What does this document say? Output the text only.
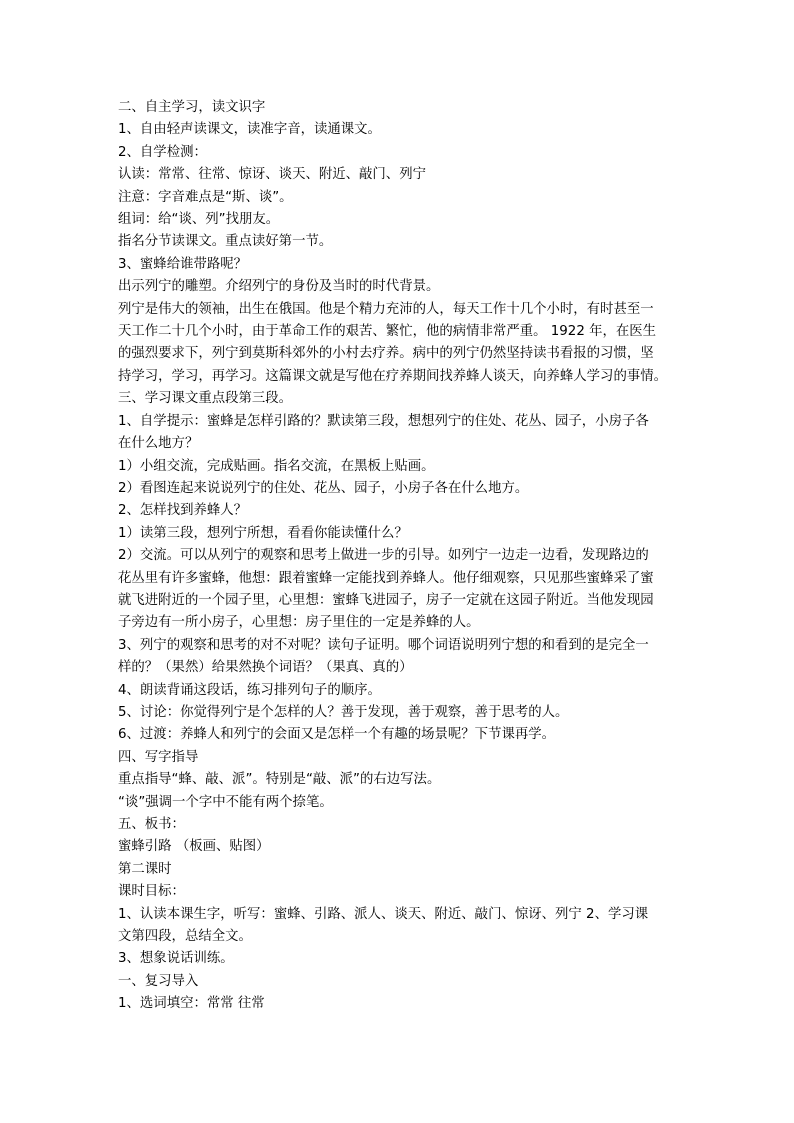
二、自主学习，读文识字
1、自由轻声读课文，读准字音，读通课文。
2、自学检测：
认读：常常、往常、惊讶、谈天、附近、敲门、列宁
注意：字音难点是“斯、谈”。
组词：给“谈、列”找朋友。
指名分节读课文。重点读好第一节。
3、蜜蜂给谁带路呢？
出示列宁的雕塑。介绍列宁的身份及当时的时代背景。
列宁是伟大的领袖，出生在俄国。他是个精力充沛的人，每天工作十几个小时，有时甚至一
天工作二十几个小时，由于革命工作的艰苦、繁忙，他的病情非常严重。 1922 年，在医生
的强烈要求下，列宁到莫斯科郊外的小村去疗养。病中的列宁仍然坚持读书看报的习惯，坚
持学习，学习，再学习。这篇课文就是写他在疗养期间找养蜂人谈天，向养蜂人学习的事情。
三、学习课文重点段第三段。
1、自学提示：蜜蜂是怎样引路的？默读第三段，想想列宁的住处、花丛、园子，小房子各
在什么地方？
1）小组交流，完成贴画。指名交流，在黑板上贴画。
2）看图连起来说说列宁的住处、花丛、园子，小房子各在什么地方。
2、怎样找到养蜂人？
1）读第三段，想列宁所想，看看你能读懂什么？
2）交流。可以从列宁的观察和思考上做进一步的引导。如列宁一边走一边看，发现路边的
花丛里有许多蜜蜂，他想：跟着蜜蜂一定能找到养蜂人。他仔细观察，只见那些蜜蜂采了蜜
就飞进附近的一个园子里，心里想：蜜蜂飞进园子，房子一定就在这园子附近。当他发现园
子旁边有一所小房子，心里想：房子里住的一定是养蜂的人。
3、列宁的观察和思考的对不对呢？读句子证明。哪个词语说明列宁想的和看到的是完全一
样的？（果然）给果然换个词语？（果真、真的）
4、朗读背诵这段话，练习排列句子的顺序。
5、讨论：你觉得列宁是个怎样的人？善于发现，善于观察，善于思考的人。
6、过渡：养蜂人和列宁的会面又是怎样一个有趣的场景呢？下节课再学。
四、写字指导
重点指导“蜂、敲、派”。特别是“敲、派”的右边写法。
“谈”强调一个字中不能有两个捺笔。
五、板书：
蜜蜂引路 （板画、贴图）
第二课时
课时目标：
1、认读本课生字，听写：蜜蜂、引路、派人、谈天、附近、敲门、惊讶、列宁 2、学习课
文第四段，总结全文。
3、想象说话训练。
一、复习导入
1、选词填空：常常 往常
